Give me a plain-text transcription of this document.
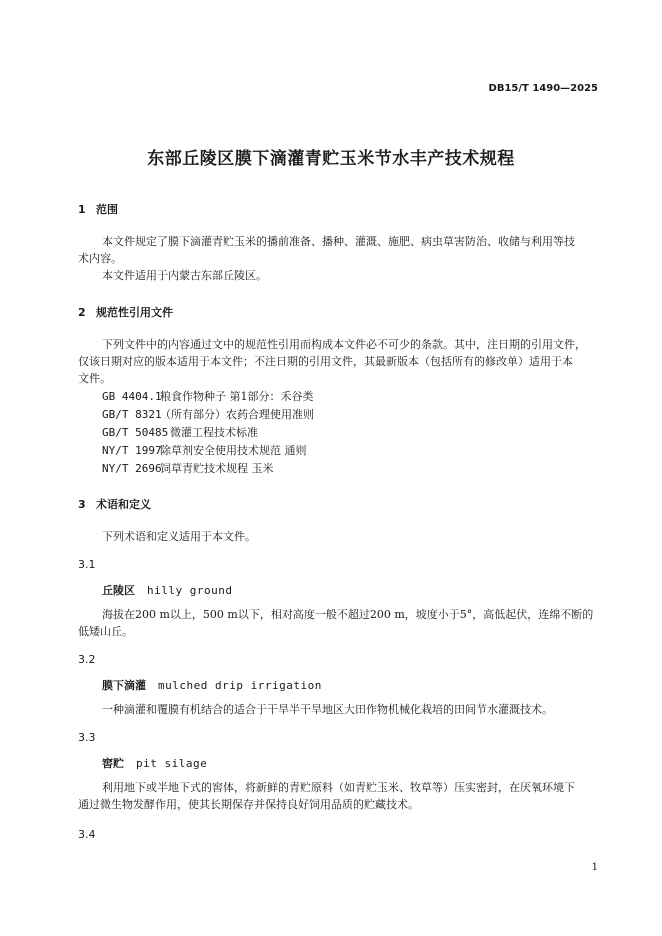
DB15/T 1490—2025
东部丘陵区膜下滴灌青贮玉米节水丰产技术规程
1 范围
本文件规定了膜下滴灌青贮玉米的播前准备、播种、灌溉、施肥、病虫草害防治、收储与利用等技
术内容。
本文件适用于内蒙古东部丘陵区。
2 规范性引用文件
下列文件中的内容通过文中的规范性引用而构成本文件必不可少的条款。其中，注日期的引用文件，
仅该日期对应的版本适用于本文件；不注日期的引用文件，其最新版本（包括所有的修改单）适用于本
文件。
GB 4404.1粮食作物种子 第1部分：禾谷类
GB/T 8321（所有部分）农药合理使用准则
GB/T 50485 微灌工程技术标准
NY/T 1997除草剂安全使用技术规范 通则
NY/T 2696饲草青贮技术规程 玉米
3 术语和定义
下列术语和定义适用于本文件。
3.1
丘陵区 hilly ground
海拔在200 m以上，500 m以下，相对高度一般不超过200 m，坡度小于5°，高低起伏，连绵不断的
低矮山丘。
3.2
膜下滴灌 mulched drip irrigation
一种滴灌和覆膜有机结合的适合于干旱半干旱地区大田作物机械化栽培的田间节水灌溉技术。
3.3
窖贮 pit silage
利用地下或半地下式的窖体，将新鲜的青贮原料（如青贮玉米、牧草等）压实密封，在厌氧环境下
通过微生物发酵作用，使其长期保存并保持良好饲用品质的贮藏技术。
3.4
1
